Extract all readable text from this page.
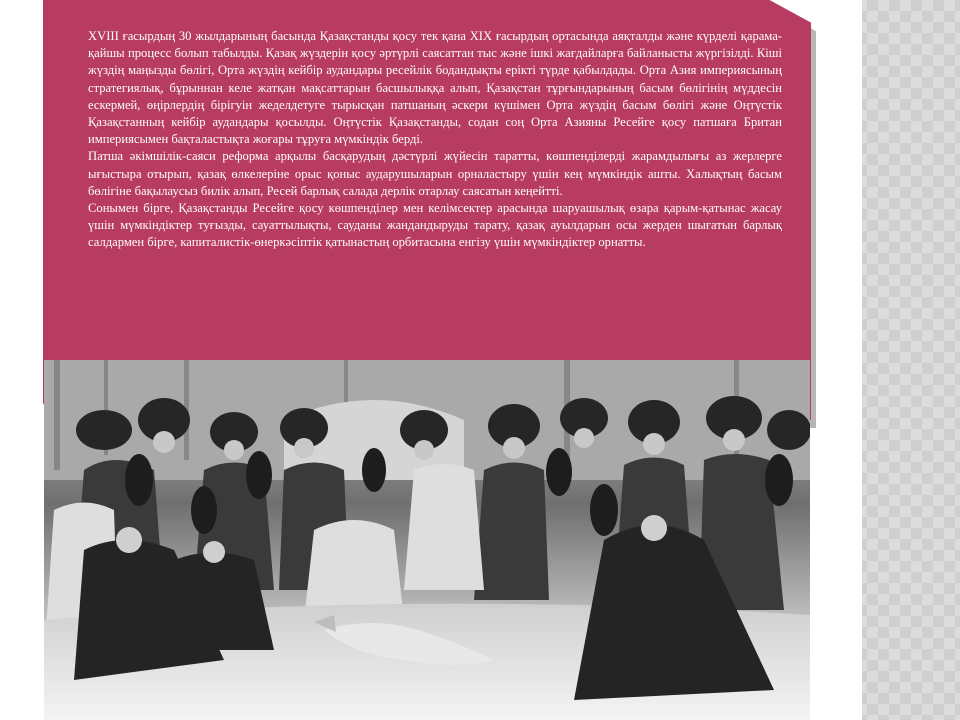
XVIII ғасырдың 30 жылдарының басында Қазақстанды қосу тек қана XIX ғасырдың ортасында аяқталды және күрделі қарама-қайшы процесс болып табылды. Қазақ жүздерін қосу әртүрлі саясаттан тыс және ішкі жағдайларға байланысты жүргізілді. Кіші жүздің маңызды бөлігі, Орта жүздің кейбір аудандары ресейлік бодандықты ерікті түрде қабылдады. Орта Азия империясының стратегиялық, бұрыннан келе жатқан мақсаттарын басшылыққа алып, Қазақстан тұрғындарының басым бөлігінің мүддесін ескермей, өңірлердің бірігуін жеделдетуге тырысқан патшаның әскери күшімен Орта жүздің басым бөлігі және Оңтүстік Қазақстанның кейбір аудандары қосылды. Оңтүстік Қазақстанды, содан соң Орта Азияны Ресейге қосу патшаға Британ империясымен бақталастықта жоғары тұруға мүмкіндік берді.

Патша әкімшілік-саяси реформа арқылы басқарудың дәстүрлі жүйесін таратты, көшпенділерді жарамдылығы аз жерлерге ығыстыра отырып, қазақ өлкелеріне орыс қоныс аударушыларын орналастыру үшін кең мүмкіндік ашты. Халықтың басым бөлігіне бақылаусыз билік алып, Ресей барлық салада дерлік отарлау саясатын кеңейтті.

Сонымен бірге, Қазақстанды Ресейге қосу көшпенділер мен келімсектер арасында шаруашылық өзара қарым-қатынас жасау үшін мүмкіндіктер туғызды, сауаттылықты, сауданы жандандыруды тарату, қазақ ауылдарын осы жерден шығатын барлық салдармен бірге, капиталистік-өнеркәсіптік қатынастың орбитасына енгізу үшін мүмкіндіктер орнатты.
